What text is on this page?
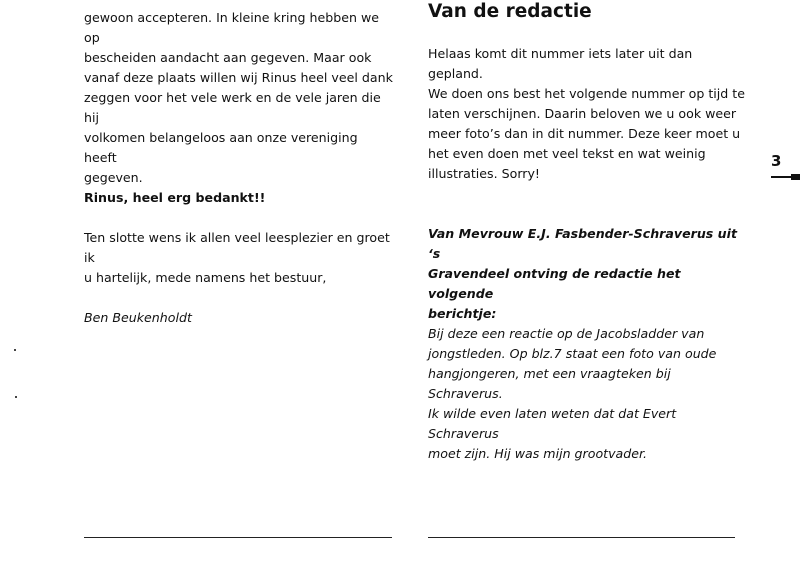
gewoon accepteren. In kleine kring hebben we op

bescheiden aandacht aan gegeven. Maar ook

vanaf deze plaats willen wij Rinus heel veel dank

zeggen voor het vele werk en de vele jaren die hij

volkomen belangeloos aan onze vereniging heeft

gegeven.

Rinus, heel erg bedankt!!

Ten slotte wens ik allen veel leesplezier en groet ik

u hartelijk, mede namens het bestuur,

Ben Beukenholdt

Van de redactie

Helaas komt dit nummer iets later uit dan gepland.

We doen ons best het volgende nummer op tijd te

laten verschijnen. Daarin beloven we u ook weer

meer foto’s dan in dit nummer. Deze keer moet u

het even doen met veel tekst en wat weinig

illustraties. Sorry!

Van Mevrouw E.J. Fasbender-Schraverus uit ‘s

Gravendeel ontving de redactie het volgende

berichtje:

Bij deze een reactie op de Jacobsladder van

jongstleden. Op blz.7 staat een foto van oude

hangjongeren, met een vraagteken bij Schraverus.

Ik wilde even laten weten dat dat Evert Schraverus

moet zijn. Hij was mijn grootvader.

3
